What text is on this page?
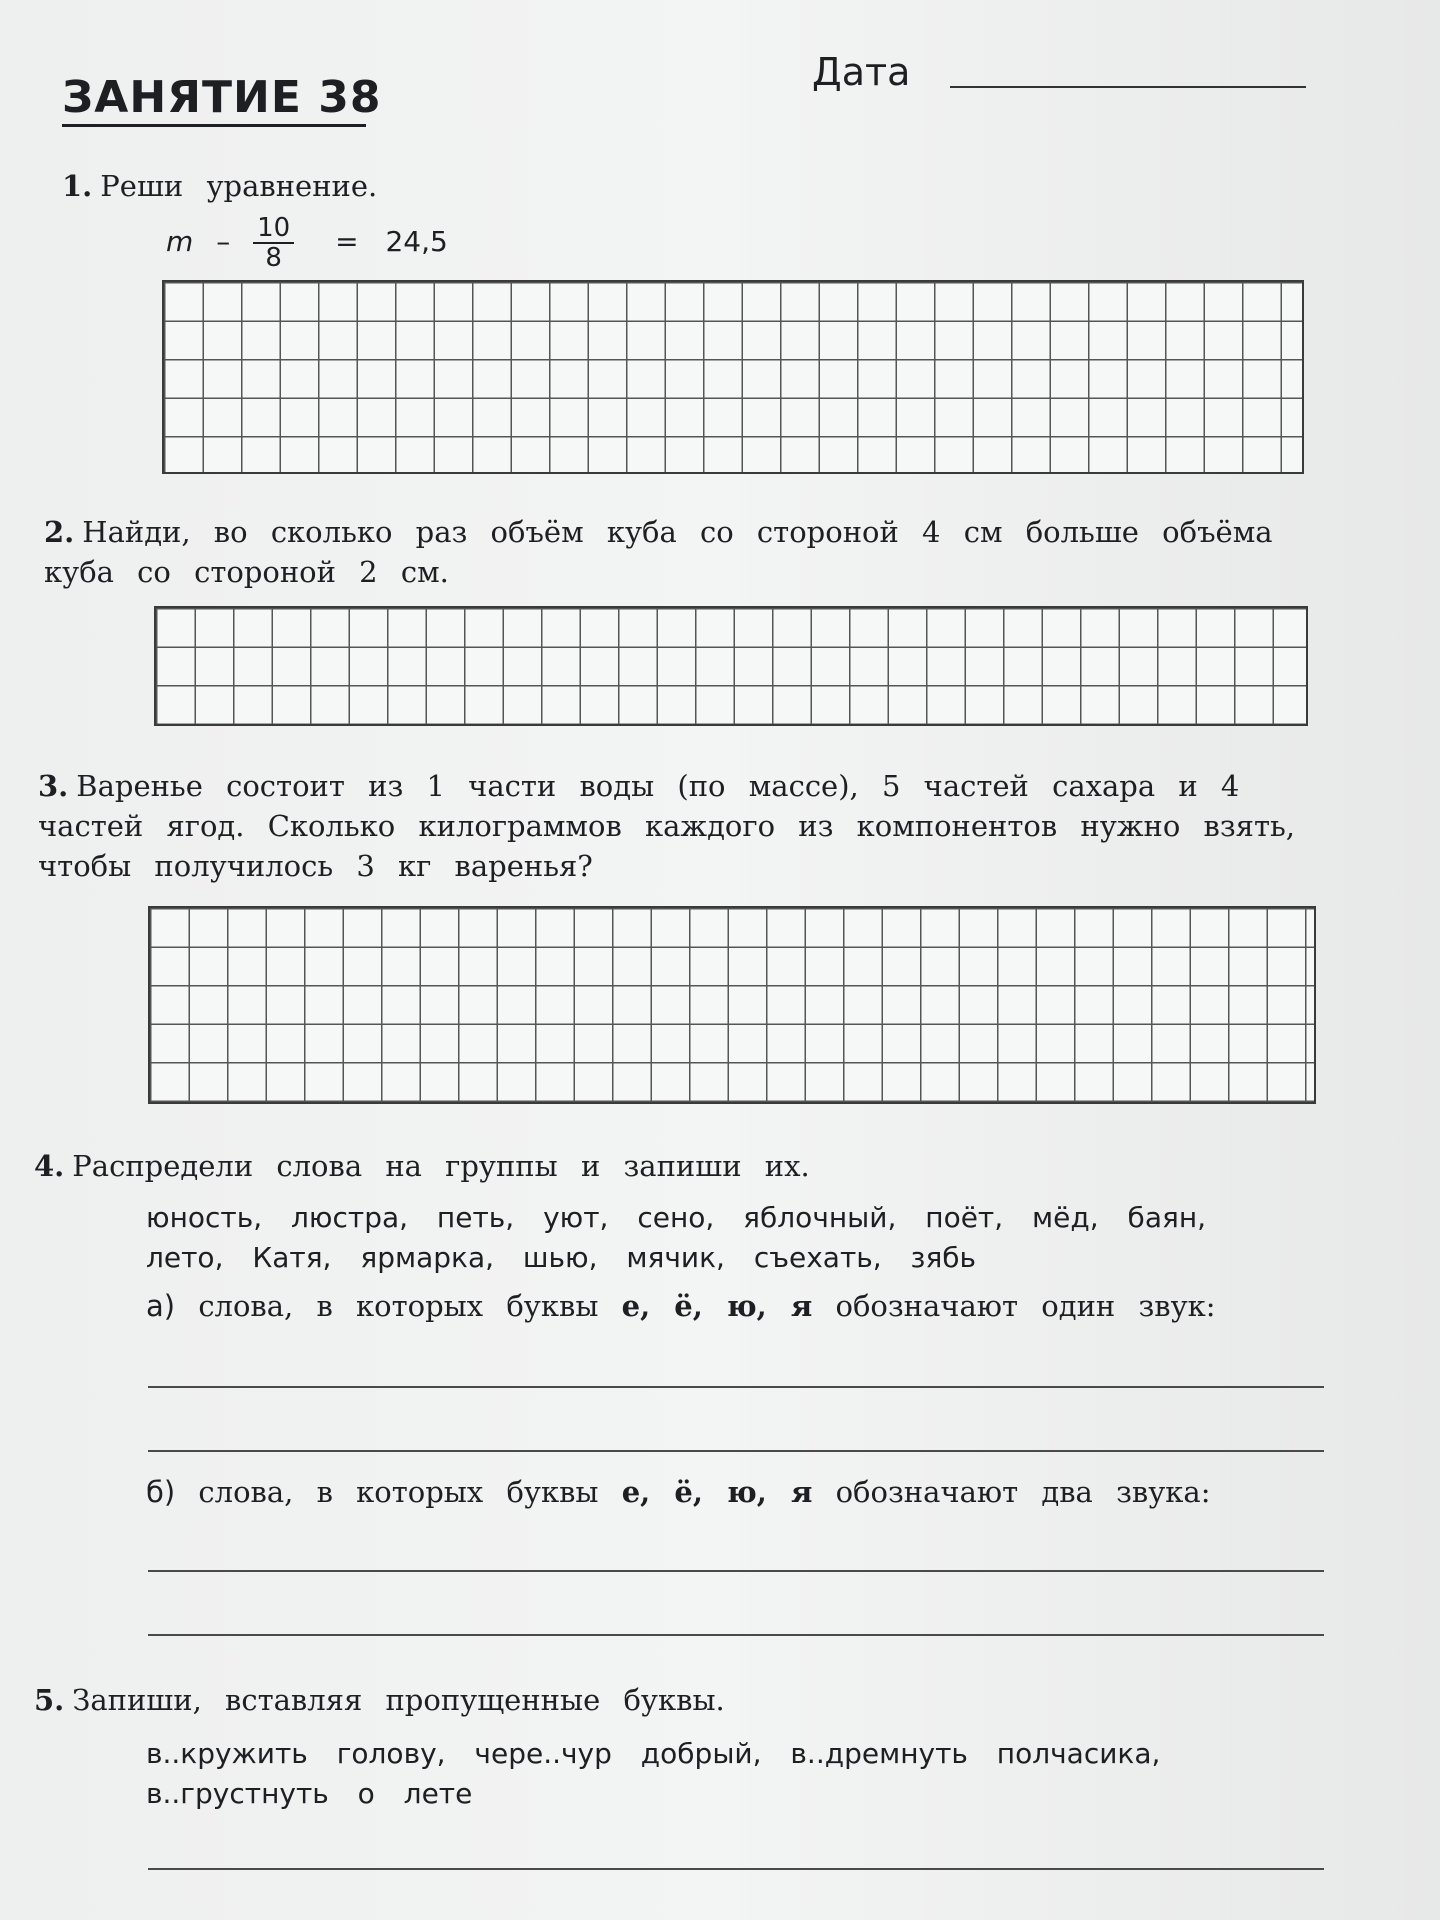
ЗАНЯТИЕ 38	Дата
1. Реши уравнение.
$m - \frac{10}{8} = 24,5$
2. Найди, во сколько раз объём куба со стороной 4 см больше объёма куба со стороной 2 см.
3. Варенье состоит из 1 части воды (по массе), 5 частей сахара и 4 частей ягод. Сколько килограммов каждого из компонентов нужно взять, чтобы получилось 3 кг варенья?
4. Распредели слова на группы и запиши их.
юность, люстра, петь, уют, сено, яблочный, поёт, мёд, баян,
лето, Катя, ярмарка, шью, мячик, съехать, зябь
а) слова, в которых буквы е, ё, ю, я обозначают один звук:
б) слова, в которых буквы е, ё, ю, я обозначают два звука:
5. Запиши, вставляя пропущенные буквы.
в..кружить голову, чере..чур добрый, в..дремнуть полчасика,
в..грустнуть о лете
